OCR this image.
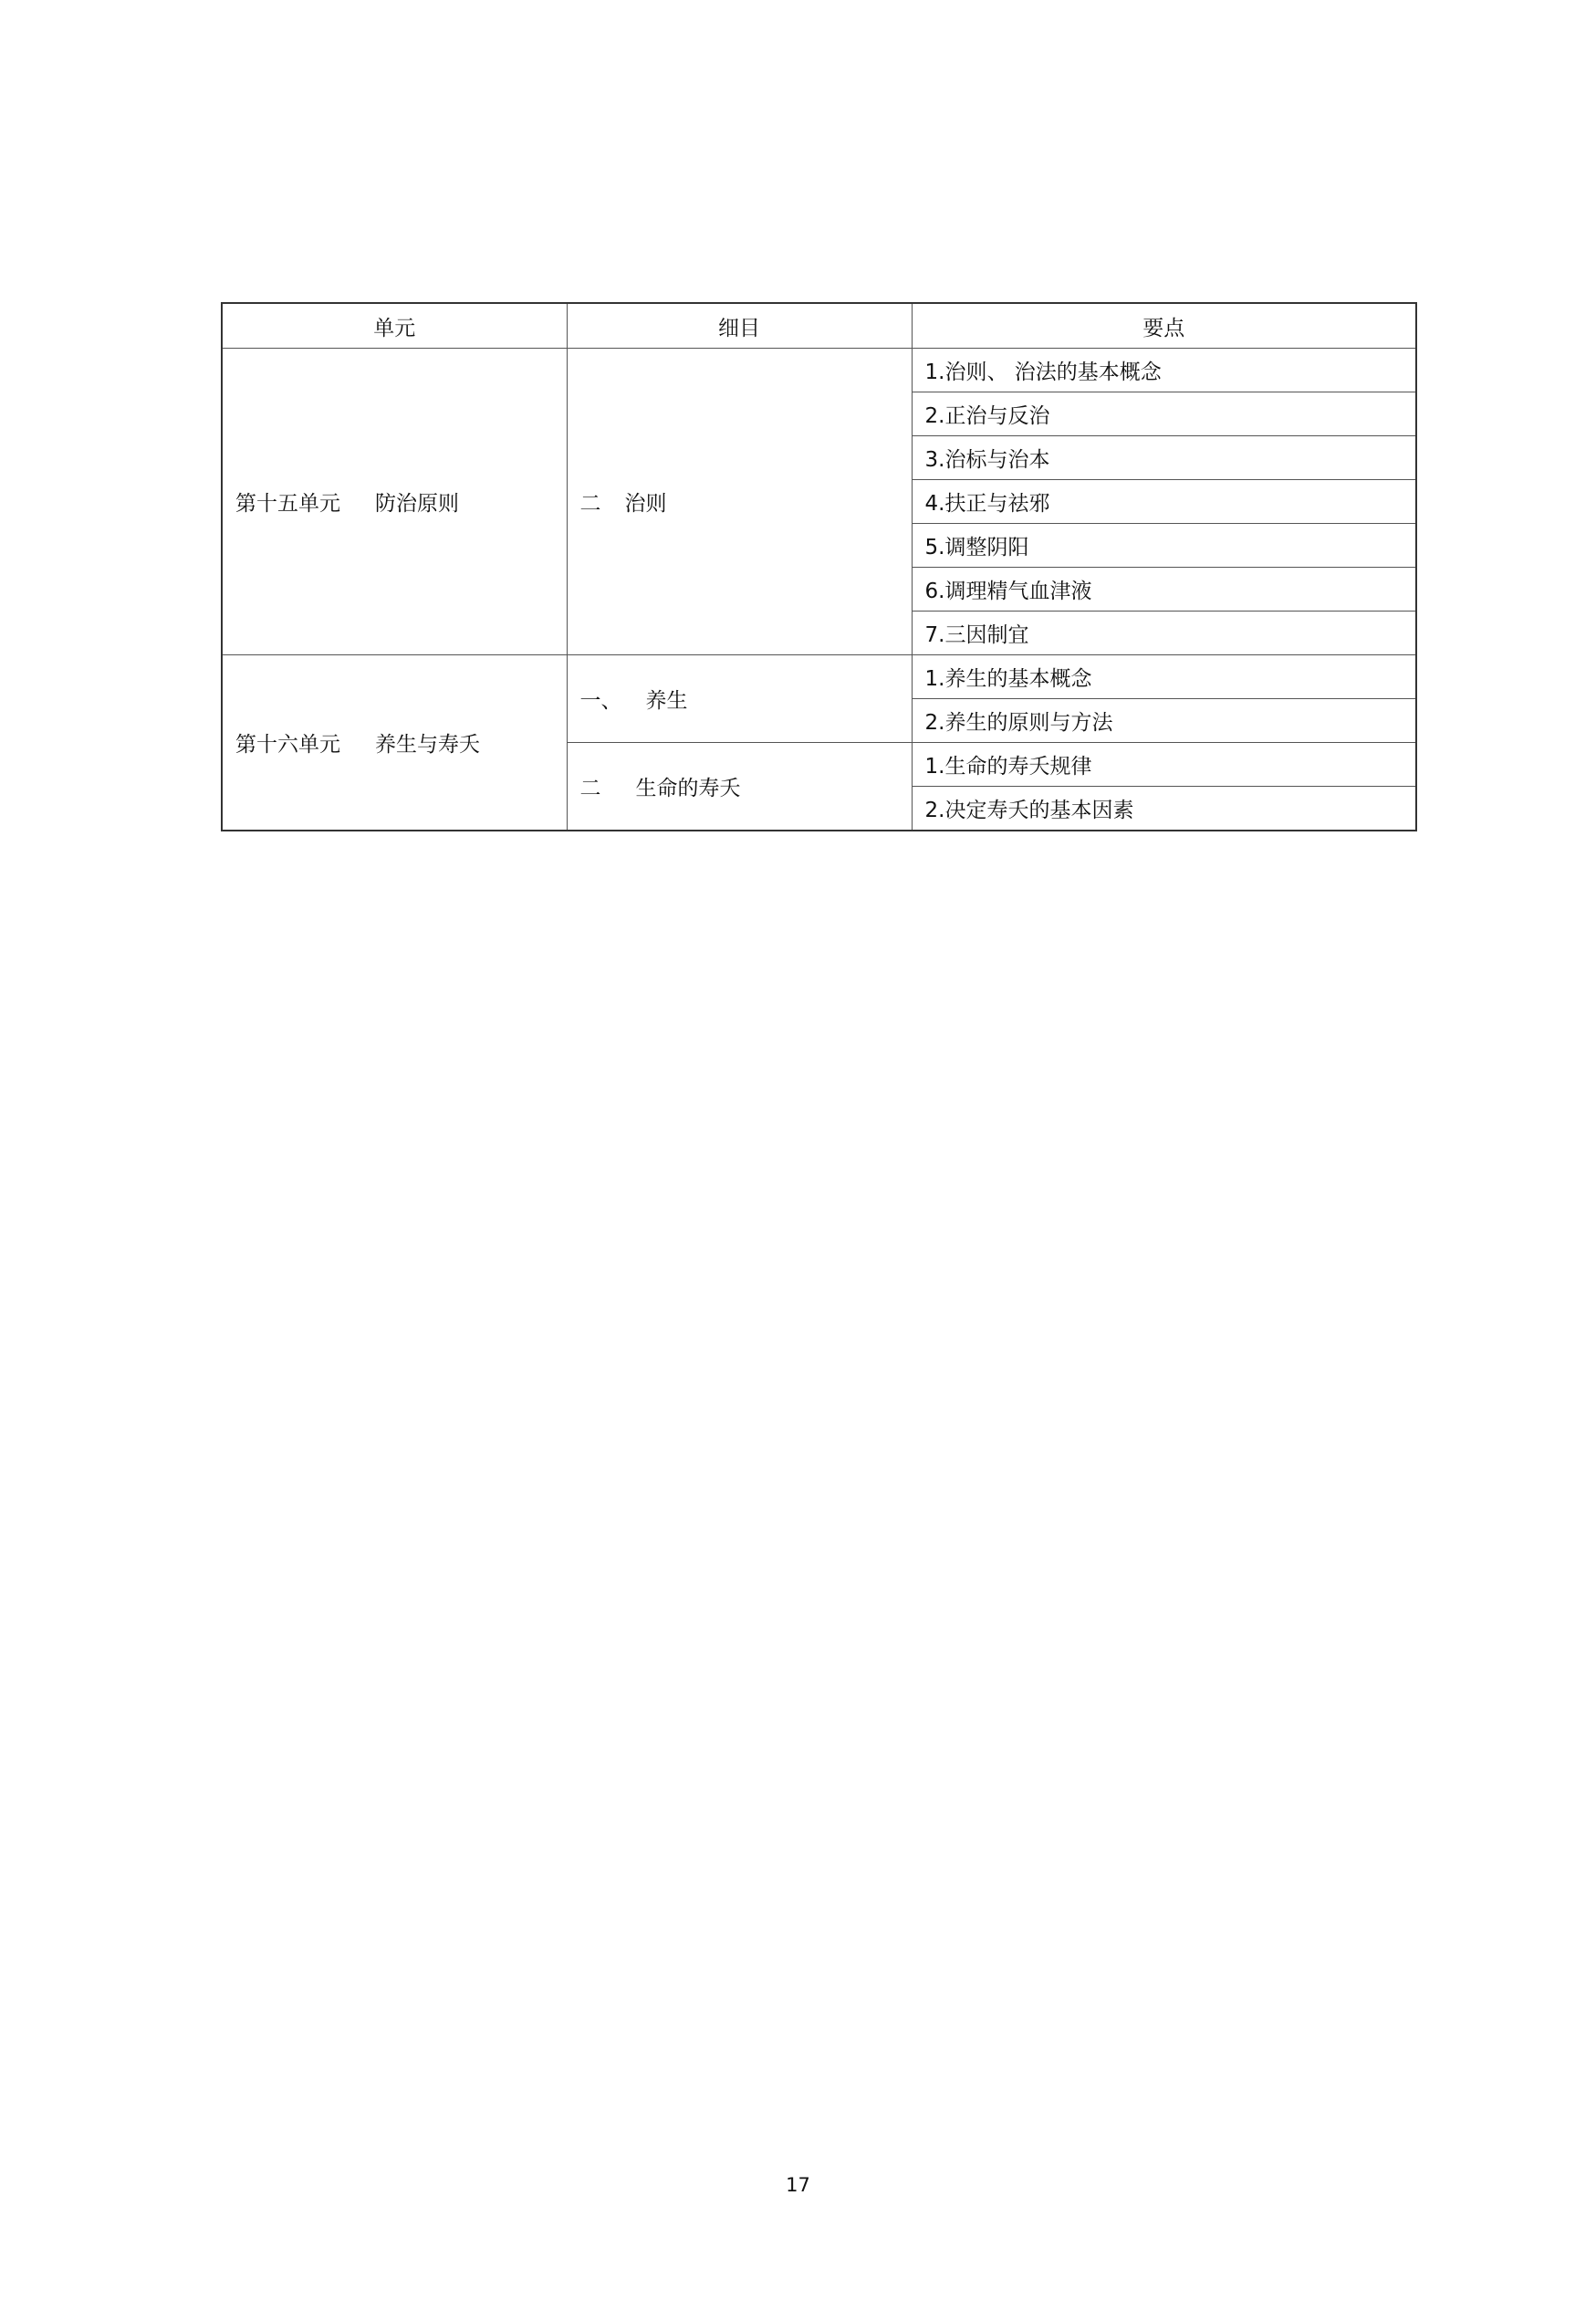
单元	细目	要点
第十五单元 防治原则	二 治则	1.治则、 治法的基本概念
		2.正治与反治
		3.治标与治本
		4.扶正与祛邪
		5.调整阴阳
		6.调理精气血津液
		7.三因制宜
第十六单元 养生与寿夭	一、 养生	1.养生的基本概念
		2.养生的原则与方法
	二 生命的寿夭	1.生命的寿夭规律
		2.决定寿夭的基本因素
17
